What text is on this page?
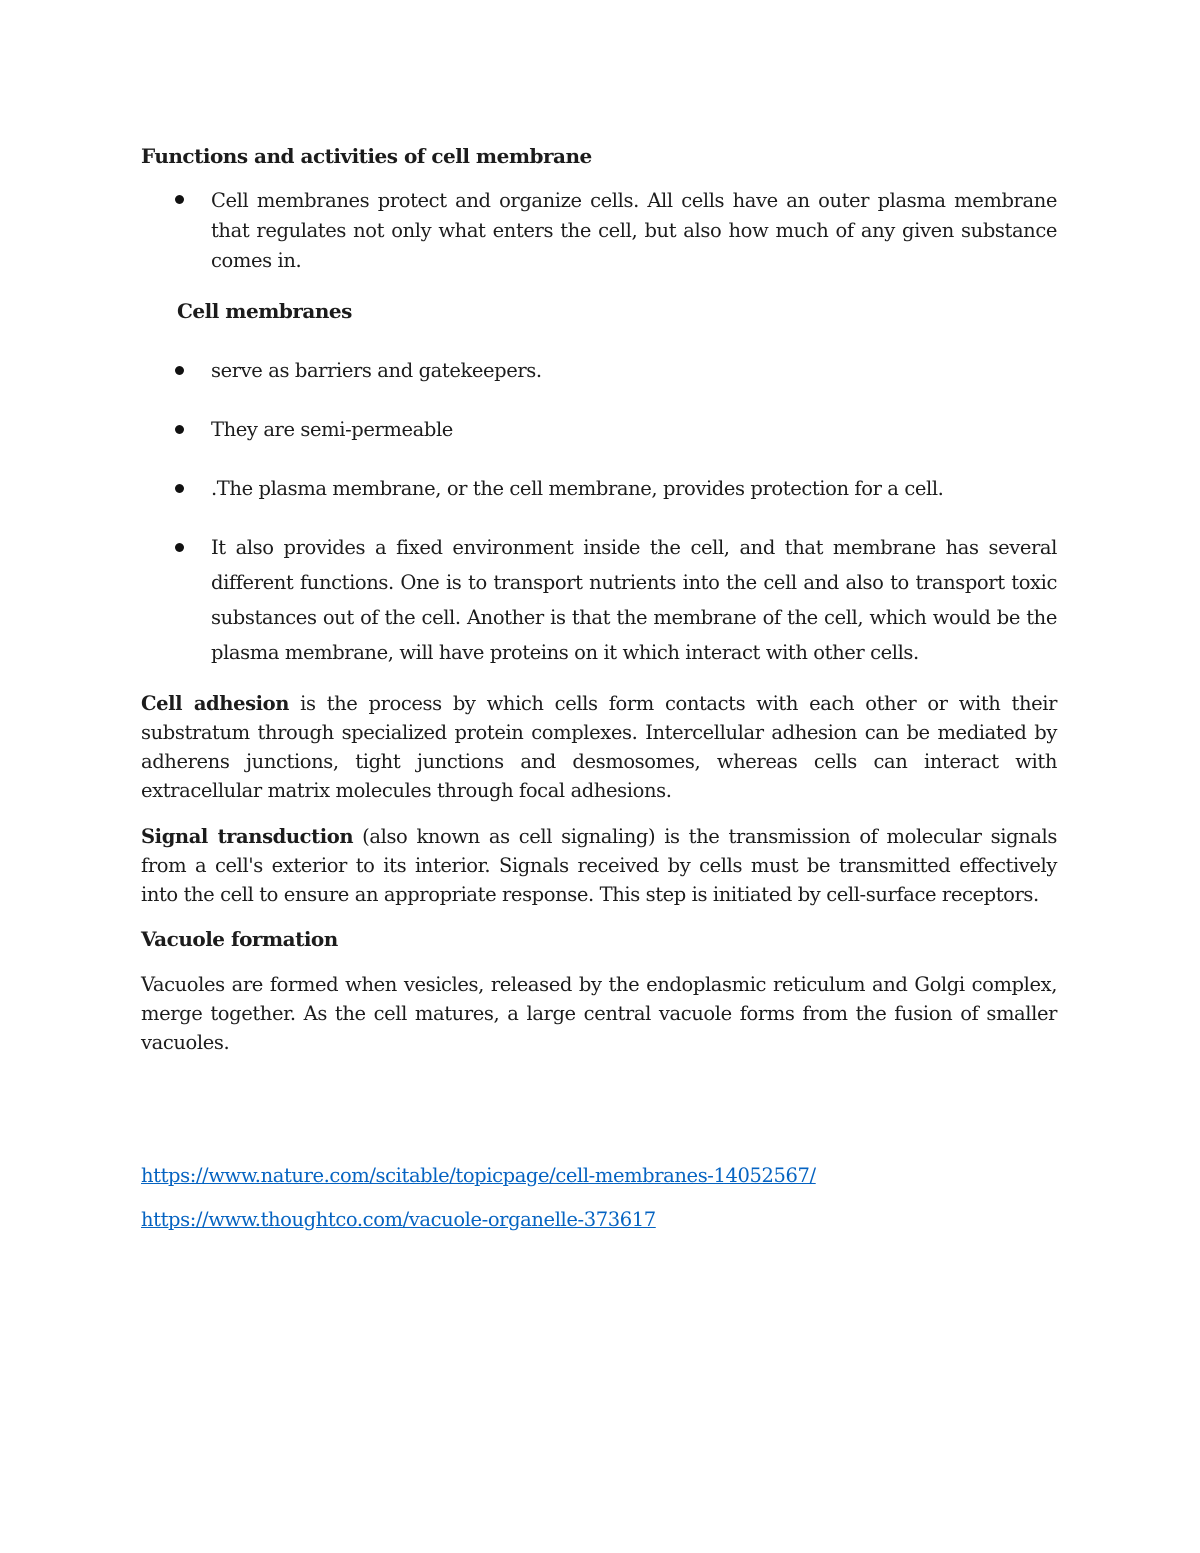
Functions and activities of cell membrane

Cell membranes protect and organize cells. All cells have an outer plasma membrane that regulates not only what enters the cell, but also how much of any given substance comes in.

Cell membranes

serve as barriers and gatekeepers.

They are semi-permeable

.The plasma membrane, or the cell membrane, provides protection for a cell.

It also provides a fixed environment inside the cell, and that membrane has several different functions. One is to transport nutrients into the cell and also to transport toxic substances out of the cell. Another is that the membrane of the cell, which would be the plasma membrane, will have proteins on it which interact with other cells.

Cell adhesion is the process by which cells form contacts with each other or with their substratum through specialized protein complexes. Intercellular adhesion can be mediated by adherens junctions, tight junctions and desmosomes, whereas cells can interact with extracellular matrix molecules through focal adhesions.

Signal transduction (also known as cell signaling) is the transmission of molecular signals from a cell's exterior to its interior. Signals received by cells must be transmitted effectively into the cell to ensure an appropriate response. This step is initiated by cell-surface receptors.

Vacuole formation

Vacuoles are formed when vesicles, released by the endoplasmic reticulum and Golgi complex, merge together. As the cell matures, a large central vacuole forms from the fusion of smaller vacuoles.

https://www.nature.com/scitable/topicpage/cell-membranes-14052567/
https://www.thoughtco.com/vacuole-organelle-373617
